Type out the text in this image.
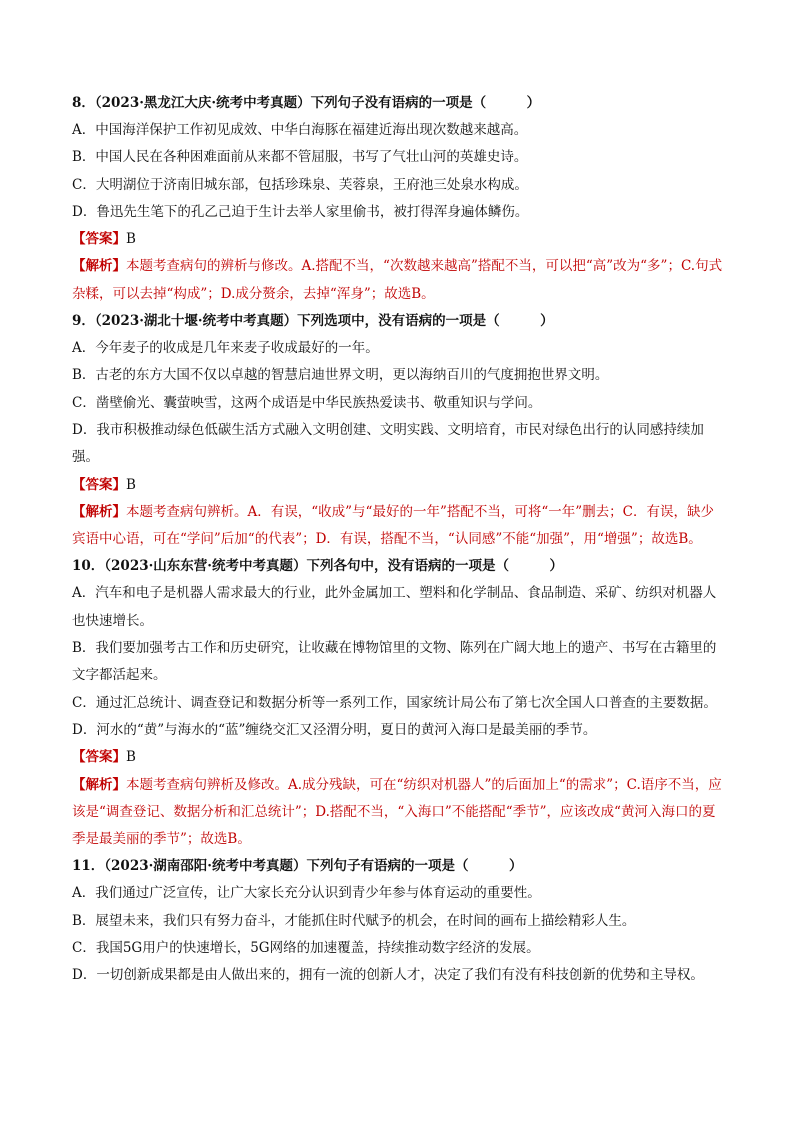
8．（2023·黑龙江大庆·统考中考真题）下列句子没有语病的一项是（　　　）
A．中国海洋保护工作初见成效、中华白海豚在福建近海出现次数越来越高。
B．中国人民在各种困难面前从来都不管屈服，书写了气壮山河的英雄史诗。
C．大明湖位于济南旧城东部，包括珍珠泉、芙蓉泉，王府池三处泉水构成。
D．鲁迅先生笔下的孔乙己迫于生计去举人家里偷书，被打得浑身遍体鳞伤。
【答案】B
【解析】本题考查病句的辨析与修改。A.搭配不当，“次数越来越高”搭配不当，可以把“高”改为“多”；C.句式杂糅，可以去掉“构成”；D.成分赘余，去掉“浑身”；故选B。
9．（2023·湖北十堰·统考中考真题）下列选项中，没有语病的一项是（　　　）
A．今年麦子的收成是几年来麦子收成最好的一年。
B．古老的东方大国不仅以卓越的智慧启迪世界文明，更以海纳百川的气度拥抱世界文明。
C．凿壁偷光、囊萤映雪，这两个成语是中华民族热爱读书、敬重知识与学问。
D．我市积极推动绿色低碳生活方式融入文明创建、文明实践、文明培育，市民对绿色出行的认同感持续加强。
【答案】B
【解析】本题考查病句辨析。A．有误，“收成”与“最好的一年”搭配不当，可将“一年”删去；C．有误，缺少宾语中心语，可在“学问”后加“的代表”；D．有误，搭配不当，“认同感”不能“加强”，用“增强”；故选B。
10．（2023·山东东营·统考中考真题）下列各句中，没有语病的一项是（　　　）
A．汽车和电子是机器人需求最大的行业，此外金属加工、塑料和化学制品、食品制造、采矿、纺织对机器人也快速增长。
B．我们要加强考古工作和历史研究，让收藏在博物馆里的文物、陈列在广阔大地上的遗产、书写在古籍里的文字都活起来。
C．通过汇总统计、调查登记和数据分析等一系列工作，国家统计局公布了第七次全国人口普查的主要数据。
D．河水的“黄”与海水的“蓝”缠绕交汇又泾渭分明，夏日的黄河入海口是最美丽的季节。
【答案】B
【解析】本题考查病句辨析及修改。A.成分残缺，可在“纺织对机器人”的后面加上“的需求”；C.语序不当，应该是“调查登记、数据分析和汇总统计”；D.搭配不当，“入海口”不能搭配“季节”，应该改成“黄河入海口的夏季是最美丽的季节”；故选B。
11．（2023·湖南邵阳·统考中考真题）下列句子有语病的一项是（　　　）
A．我们通过广泛宣传，让广大家长充分认识到青少年参与体育运动的重要性。
B．展望未来，我们只有努力奋斗，才能抓住时代赋予的机会，在时间的画布上描绘精彩人生。
C．我国5G用户的快速增长，5G网络的加速覆盖，持续推动数字经济的发展。
D．一切创新成果都是由人做出来的，拥有一流的创新人才，决定了我们有没有科技创新的优势和主导权。
